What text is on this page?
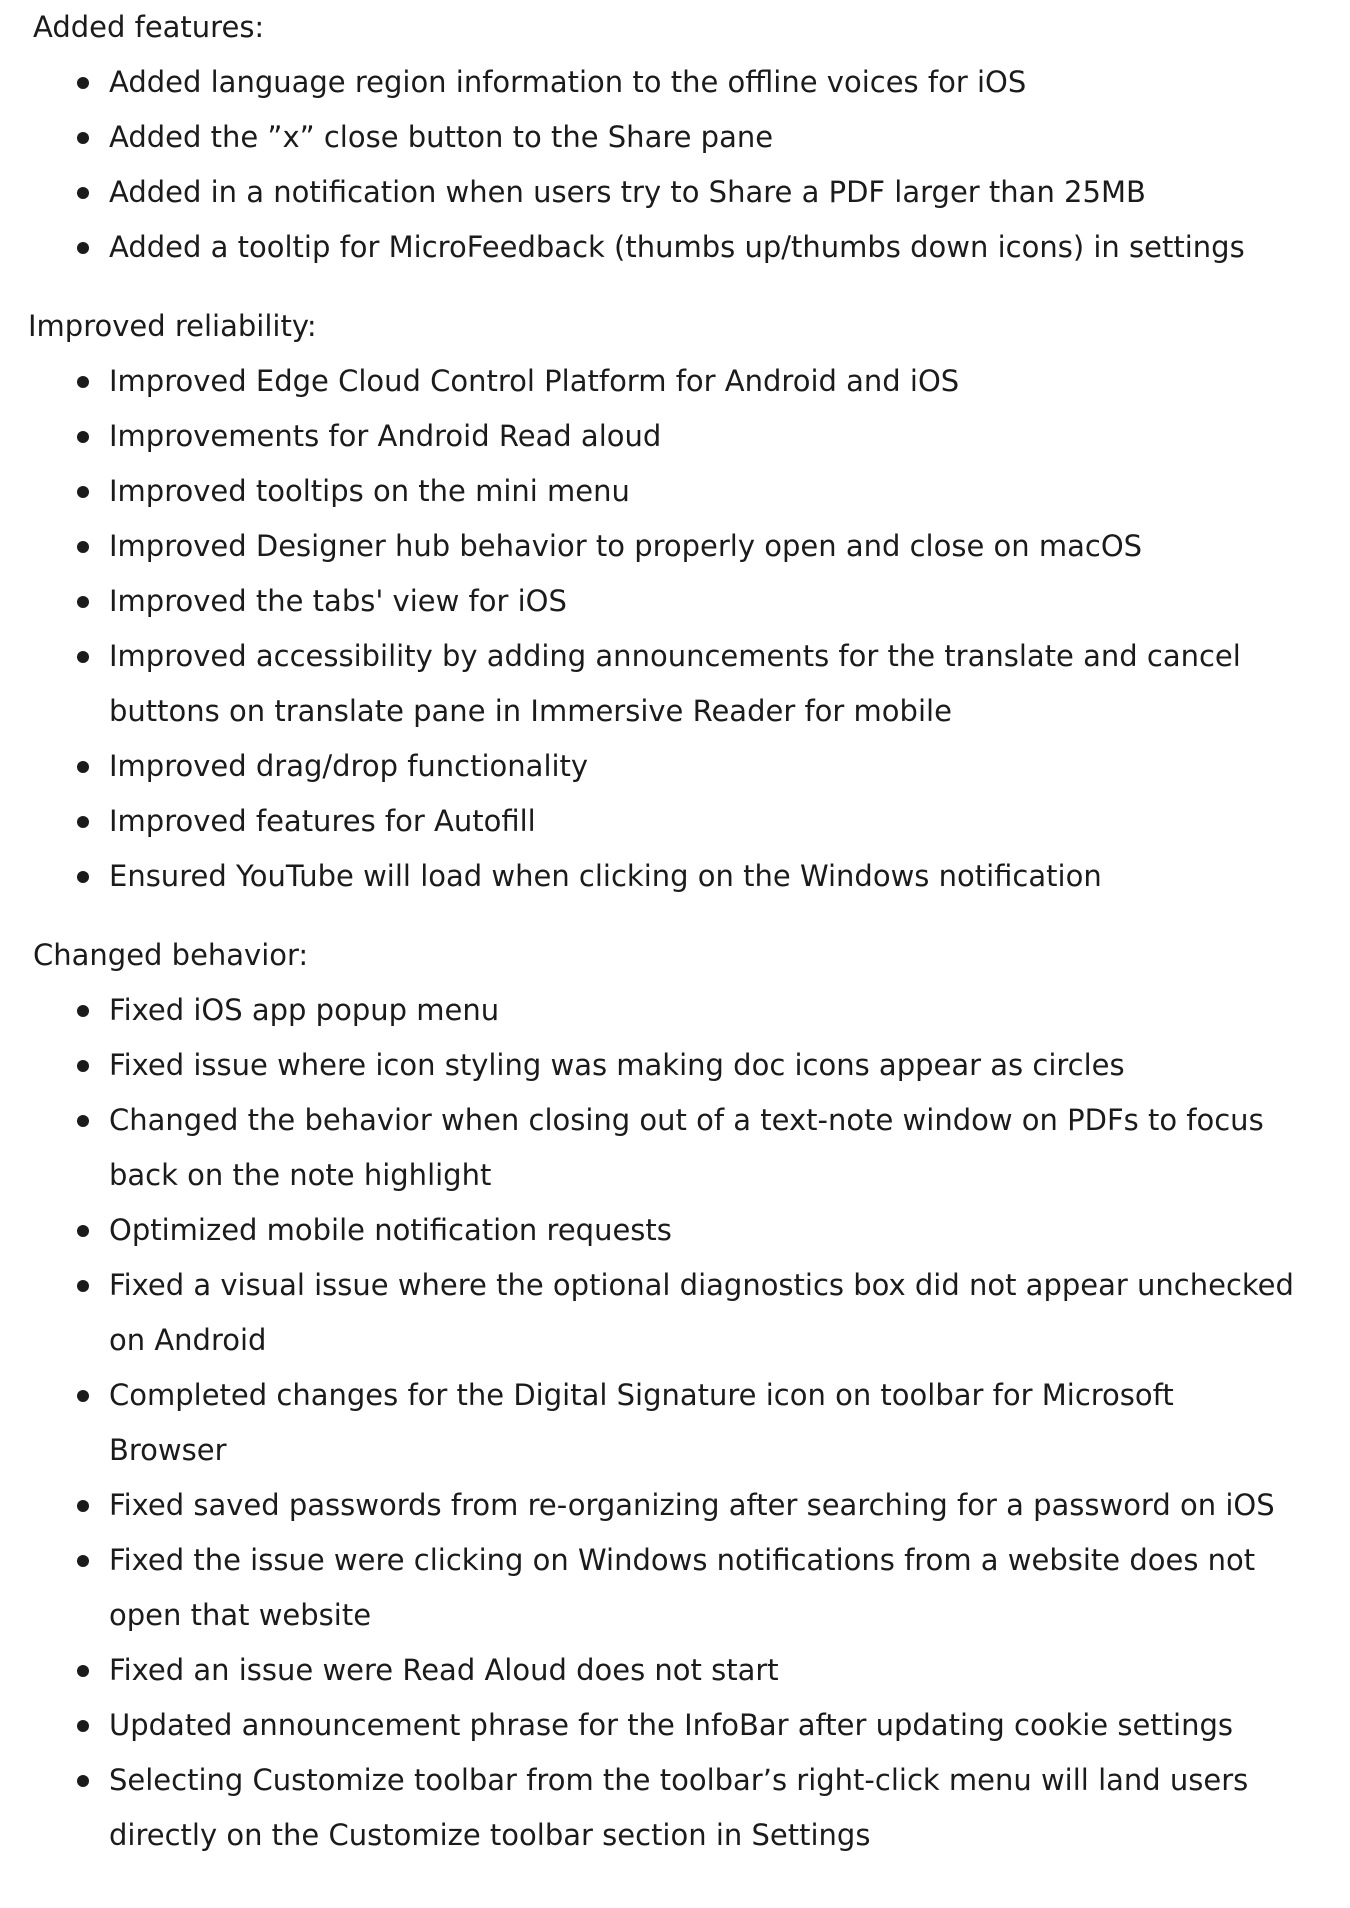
Added features:
Added language region information to the offline voices for iOS
Added the ”x” close button to the Share pane
Added in a notification when users try to Share a PDF larger than 25MB
Added a tooltip for MicroFeedback (thumbs up/thumbs down icons) in settings
Improved reliability:
Improved Edge Cloud Control Platform for Android and iOS
Improvements for Android Read aloud
Improved tooltips on the mini menu
Improved Designer hub behavior to properly open and close on macOS
Improved the tabs' view for iOS
Improved accessibility by adding announcements for the translate and cancel
buttons on translate pane in Immersive Reader for mobile
Improved drag/drop functionality
Improved features for Autofill
Ensured YouTube will load when clicking on the Windows notification
Changed behavior:
Fixed iOS app popup menu
Fixed issue where icon styling was making doc icons appear as circles
Changed the behavior when closing out of a text-note window on PDFs to focus
back on the note highlight
Optimized mobile notification requests
Fixed a visual issue where the optional diagnostics box did not appear unchecked
on Android
Completed changes for the Digital Signature icon on toolbar for Microsoft
Browser
Fixed saved passwords from re-organizing after searching for a password on iOS
Fixed the issue were clicking on Windows notifications from a website does not
open that website
Fixed an issue were Read Aloud does not start
Updated announcement phrase for the InfoBar after updating cookie settings
Selecting Customize toolbar from the toolbar’s right-click menu will land users
directly on the Customize toolbar section in Settings
